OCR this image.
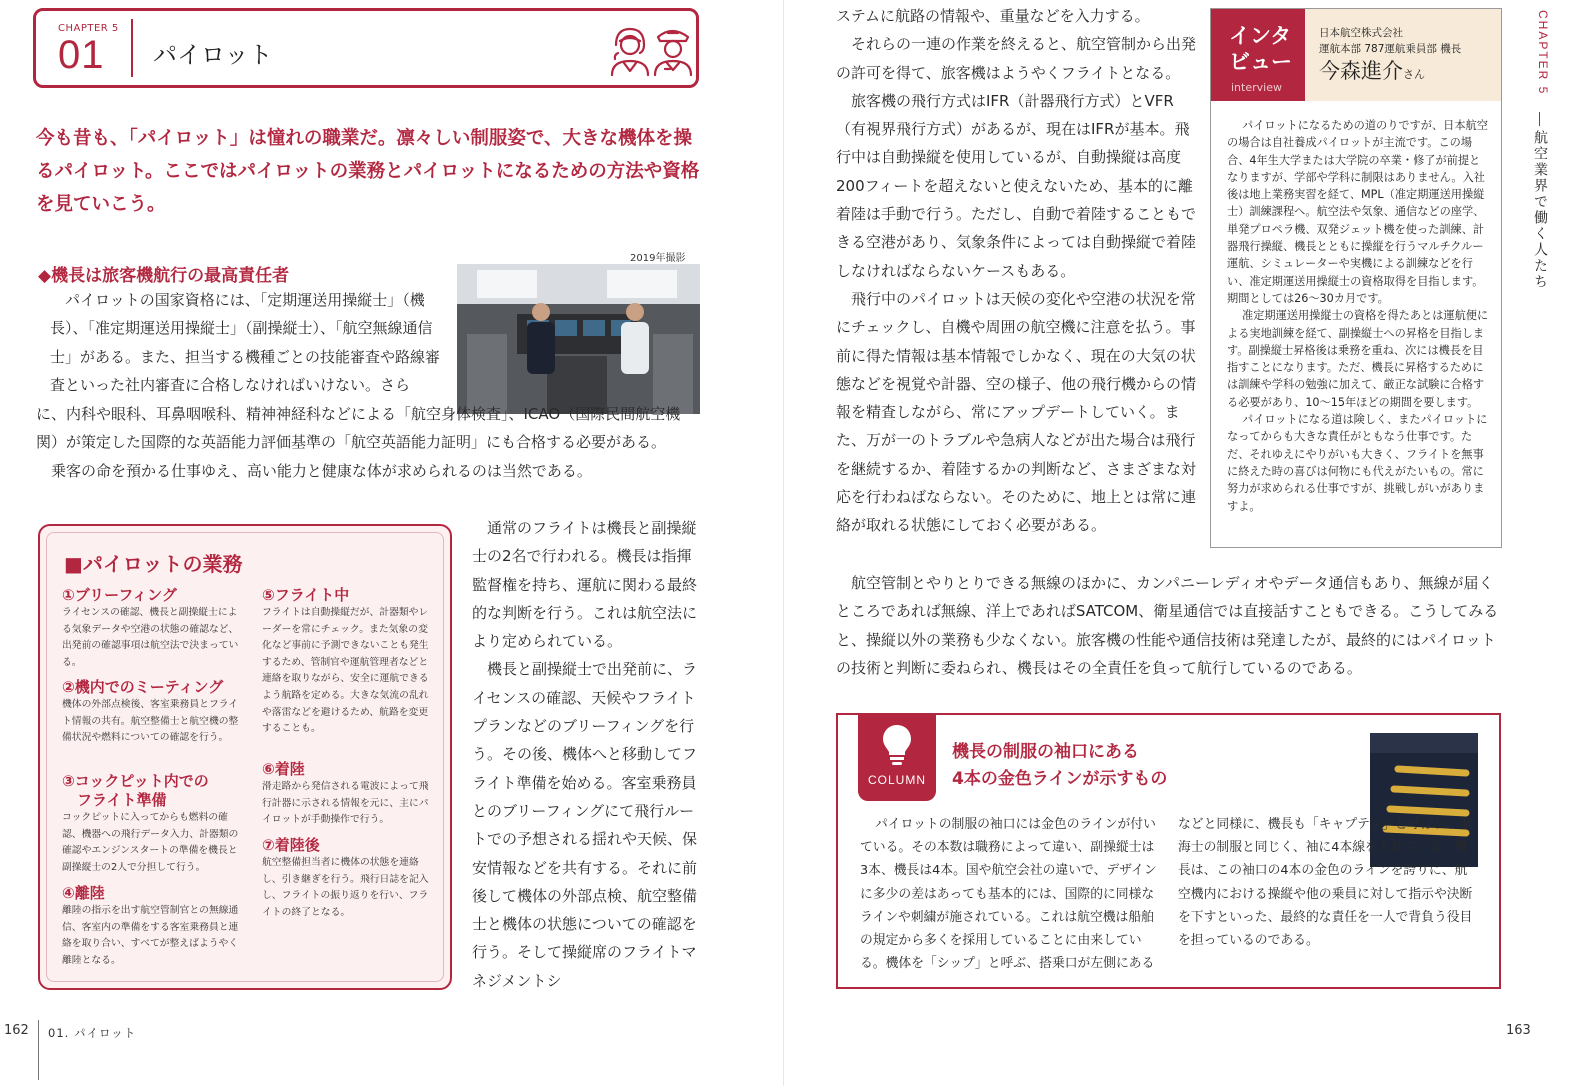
CHAPTER 5
01 パイロット
今も昔も、「パイロット」は憧れの職業だ。凛々しい制服姿で、大きな機体を操るパイロット。ここではパイロットの業務とパイロットになるための方法や資格を見ていこう。
◆機長は旅客機航行の最高責任者
2019年撮影
パイロットの国家資格には、「定期運送用操縦士」（機長）、「准定期運送用操縦士」（副操縦士）、「航空無線通信士」がある。また、担当する機種ごとの技能審査や路線審査といった社内審査に合格しなければいけない。さら
に、内科や眼科、耳鼻咽喉科、精神神経科などによる「航空身体検査」、ICAO（国際民間航空機関）が策定した国際的な英語能力評価基準の「航空英語能力証明」にも合格する必要がある。
乗客の命を預かる仕事ゆえ、高い能力と健康な体が求められるのは当然である。
■パイロットの業務
①ブリーフィング
ライセンスの確認、機長と副操縦士による気象データや空港の状態の確認など、出発前の確認事項は航空法で決まっている。
②機内でのミーティング
機体の外部点検後、客室乗務員とフライト情報の共有。航空整備士と航空機の整備状況や燃料についての確認を行う。
③コックピット内での
　フライト準備
コックピットに入ってからも燃料の確認、機器への飛行データ入力、計器類の確認やエンジンスタートの準備を機長と副操縦士の2人で分担して行う。
④離陸
離陸の指示を出す航空管制官との無線通信、客室内の準備をする客室乗務員と連絡を取り合い、すべてが整えばようやく離陸となる。
⑤フライト中
フライトは自動操縦だが、計器類やレーダーを常にチェック。また気象の変化など事前に予測できないことも発生するため、管制官や運航管理者などと連絡を取りながら、安全に運航できるよう航路を定める。大きな気流の乱れや落雷などを避けるため、航路を変更することも。
⑥着陸
滑走路から発信される電波によって飛行計器に示される情報を元に、主にパイロットが手動操作で行う。
⑦着陸後
航空整備担当者に機体の状態を連絡し、引き継ぎを行う。飛行日誌を記入し、フライトの振り返りを行い、フライトの終了となる。
通常のフライトは機長と副操縦士の2名で行われる。機長は指揮監督権を持ち、運航に関わる最終的な判断を行う。これは航空法により定められている。
機長と副操縦士で出発前に、ライセンスの確認、天候やフライトプランなどのブリーフィングを行う。その後、機体へと移動してフライト準備を始める。客室乗務員とのブリーフィングにて飛行ルートでの予想される揺れや天候、保安情報などを共有する。それに前後して機体の外部点検、航空整備士と機体の状態についての確認を行う。そして操縦席のフライトマネジメントシ
162 01. パイロット
ステムに航路の情報や、重量などを入力する。
それらの一連の作業を終えると、航空管制から出発の許可を得て、旅客機はようやくフライトとなる。
旅客機の飛行方式はIFR（計器飛行方式）とVFR（有視界飛行方式）があるが、現在はIFRが基本。飛行中は自動操縦を使用しているが、自動操縦は高度200フィートを超えないと使えないため、基本的に離着陸は手動で行う。ただし、自動で着陸することもできる空港があり、気象条件によっては自動操縦で着陸しなければならないケースもある。
飛行中のパイロットは天候の変化や空港の状況を常にチェックし、自機や周囲の航空機に注意を払う。事前に得た情報は基本情報でしかなく、現在の大気の状態などを視覚や計器、空の様子、他の飛行機からの情報を精査しながら、常にアップデートしていく。また、万が一のトラブルや急病人などが出た場合は飛行を継続するか、着陸するかの判断など、さまざまな対応を行わねばならない。そのために、地上とは常に連絡が取れる状態にしておく必要がある。
インタ
ビュー
interview
日本航空株式会社
運航本部 787運航乗員部 機長
今森進介さん
パイロットになるための道のりですが、日本航空の場合は自社養成パイロットが主流です。この場合、4年生大学または大学院の卒業・修了が前提となりますが、学部や学科に制限はありません。入社後は地上業務実習を経て、MPL（准定期運送用操縦士）訓練課程へ。航空法や気象、通信などの座学、単発プロペラ機、双発ジェット機を使った訓練、計器飛行操縦、機長とともに操縦を行うマルチクルー運航、シミュレーターや実機による訓練などを行い、准定期運送用操縦士の資格取得を目指します。期間としては26～30カ月です。
准定期運送用操縦士の資格を得たあとは運航便による実地訓練を経て、副操縦士への昇格を目指します。副操縦士昇格後は乗務を重ね、次には機長を目指すことになります。ただ、機長に昇格するためには訓練や学科の勉強に加えて、厳正な試験に合格する必要があり、10～15年ほどの期間を要します。
パイロットになる道は険しく、またパイロットになってからも大きな責任がともなう仕事です。ただ、それゆえにやりがいも大きく、フライトを無事に終えた時の喜びは何物にも代えがたいもの。常に努力が求められる仕事ですが、挑戦しがいがありますよ。
CHAPTER 5
航空業界で働く人たち
航空管制とやりとりできる無線のほかに、カンパニーレディオやデータ通信もあり、無線が届くところであれば無線、洋上であればSATCOM、衛星通信では直接話すこともできる。こうしてみると、操縦以外の業務も少なくない。旅客機の性能や通信技術は発達したが、最終的にはパイロットの技術と判断に委ねられ、機長はその全責任を負って航行しているのである。
COLUMN
機長の制服の袖口にある
4本の金色ラインが示すもの
パイロットの制服の袖口には金色のラインが付いている。その本数は職務によって違い、副操縦士は3本、機長は4本。国や航空会社の違いで、デザインに多少の差はあっても基本的には、国際的に同様なラインや刺繍が施されている。これは航空機は船舶の規定から多くを採用していることに由来している。機体を「シップ」と呼ぶ、搭乗口が左側にある
などと同様に、機長も「キャプテン」と呼ばれ、航海士の制服と同じく、袖に4本線を入れている。機長は、この袖口の4本の金色のラインを誇りに、航空機内における操縦や他の乗員に対して指示や決断を下すといった、最終的な責任を一人で背負う役目を担っているのである。
163
